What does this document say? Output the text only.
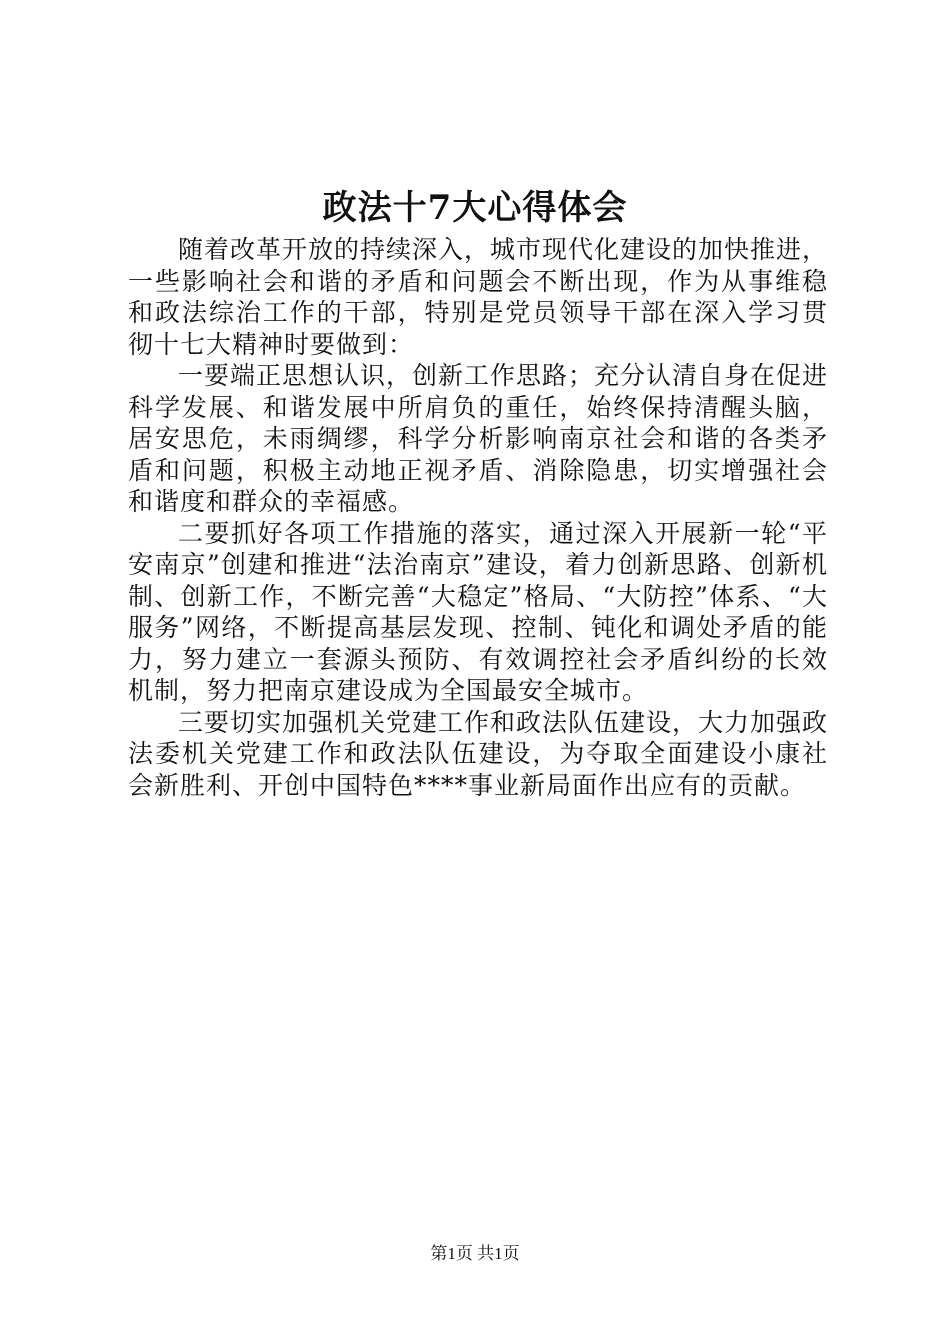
政法十7大心得体会

随着改革开放的持续深入，城市现代化建设的加快推进，一些影响社会和谐的矛盾和问题会不断出现，作为从事维稳和政法综治工作的干部，特别是党员领导干部在深入学习贯彻十七大精神时要做到：

一要端正思想认识，创新工作思路；充分认清自身在促进科学发展、和谐发展中所肩负的重任，始终保持清醒头脑，居安思危，未雨绸缪，科学分析影响南京社会和谐的各类矛盾和问题，积极主动地正视矛盾、消除隐患，切实增强社会和谐度和群众的幸福感。

二要抓好各项工作措施的落实，通过深入开展新一轮“平安南京”创建和推进“法治南京”建设，着力创新思路、创新机制、创新工作，不断完善“大稳定”格局、“大防控”体系、“大服务”网络，不断提高基层发现、控制、钝化和调处矛盾的能力，努力建立一套源头预防、有效调控社会矛盾纠纷的长效机制，努力把南京建设成为全国最安全城市。

三要切实加强机关党建工作和政法队伍建设，大力加强政法委机关党建工作和政法队伍建设，为夺取全面建设小康社会新胜利、开创中国特色****事业新局面作出应有的贡献。

第1页 共1页
